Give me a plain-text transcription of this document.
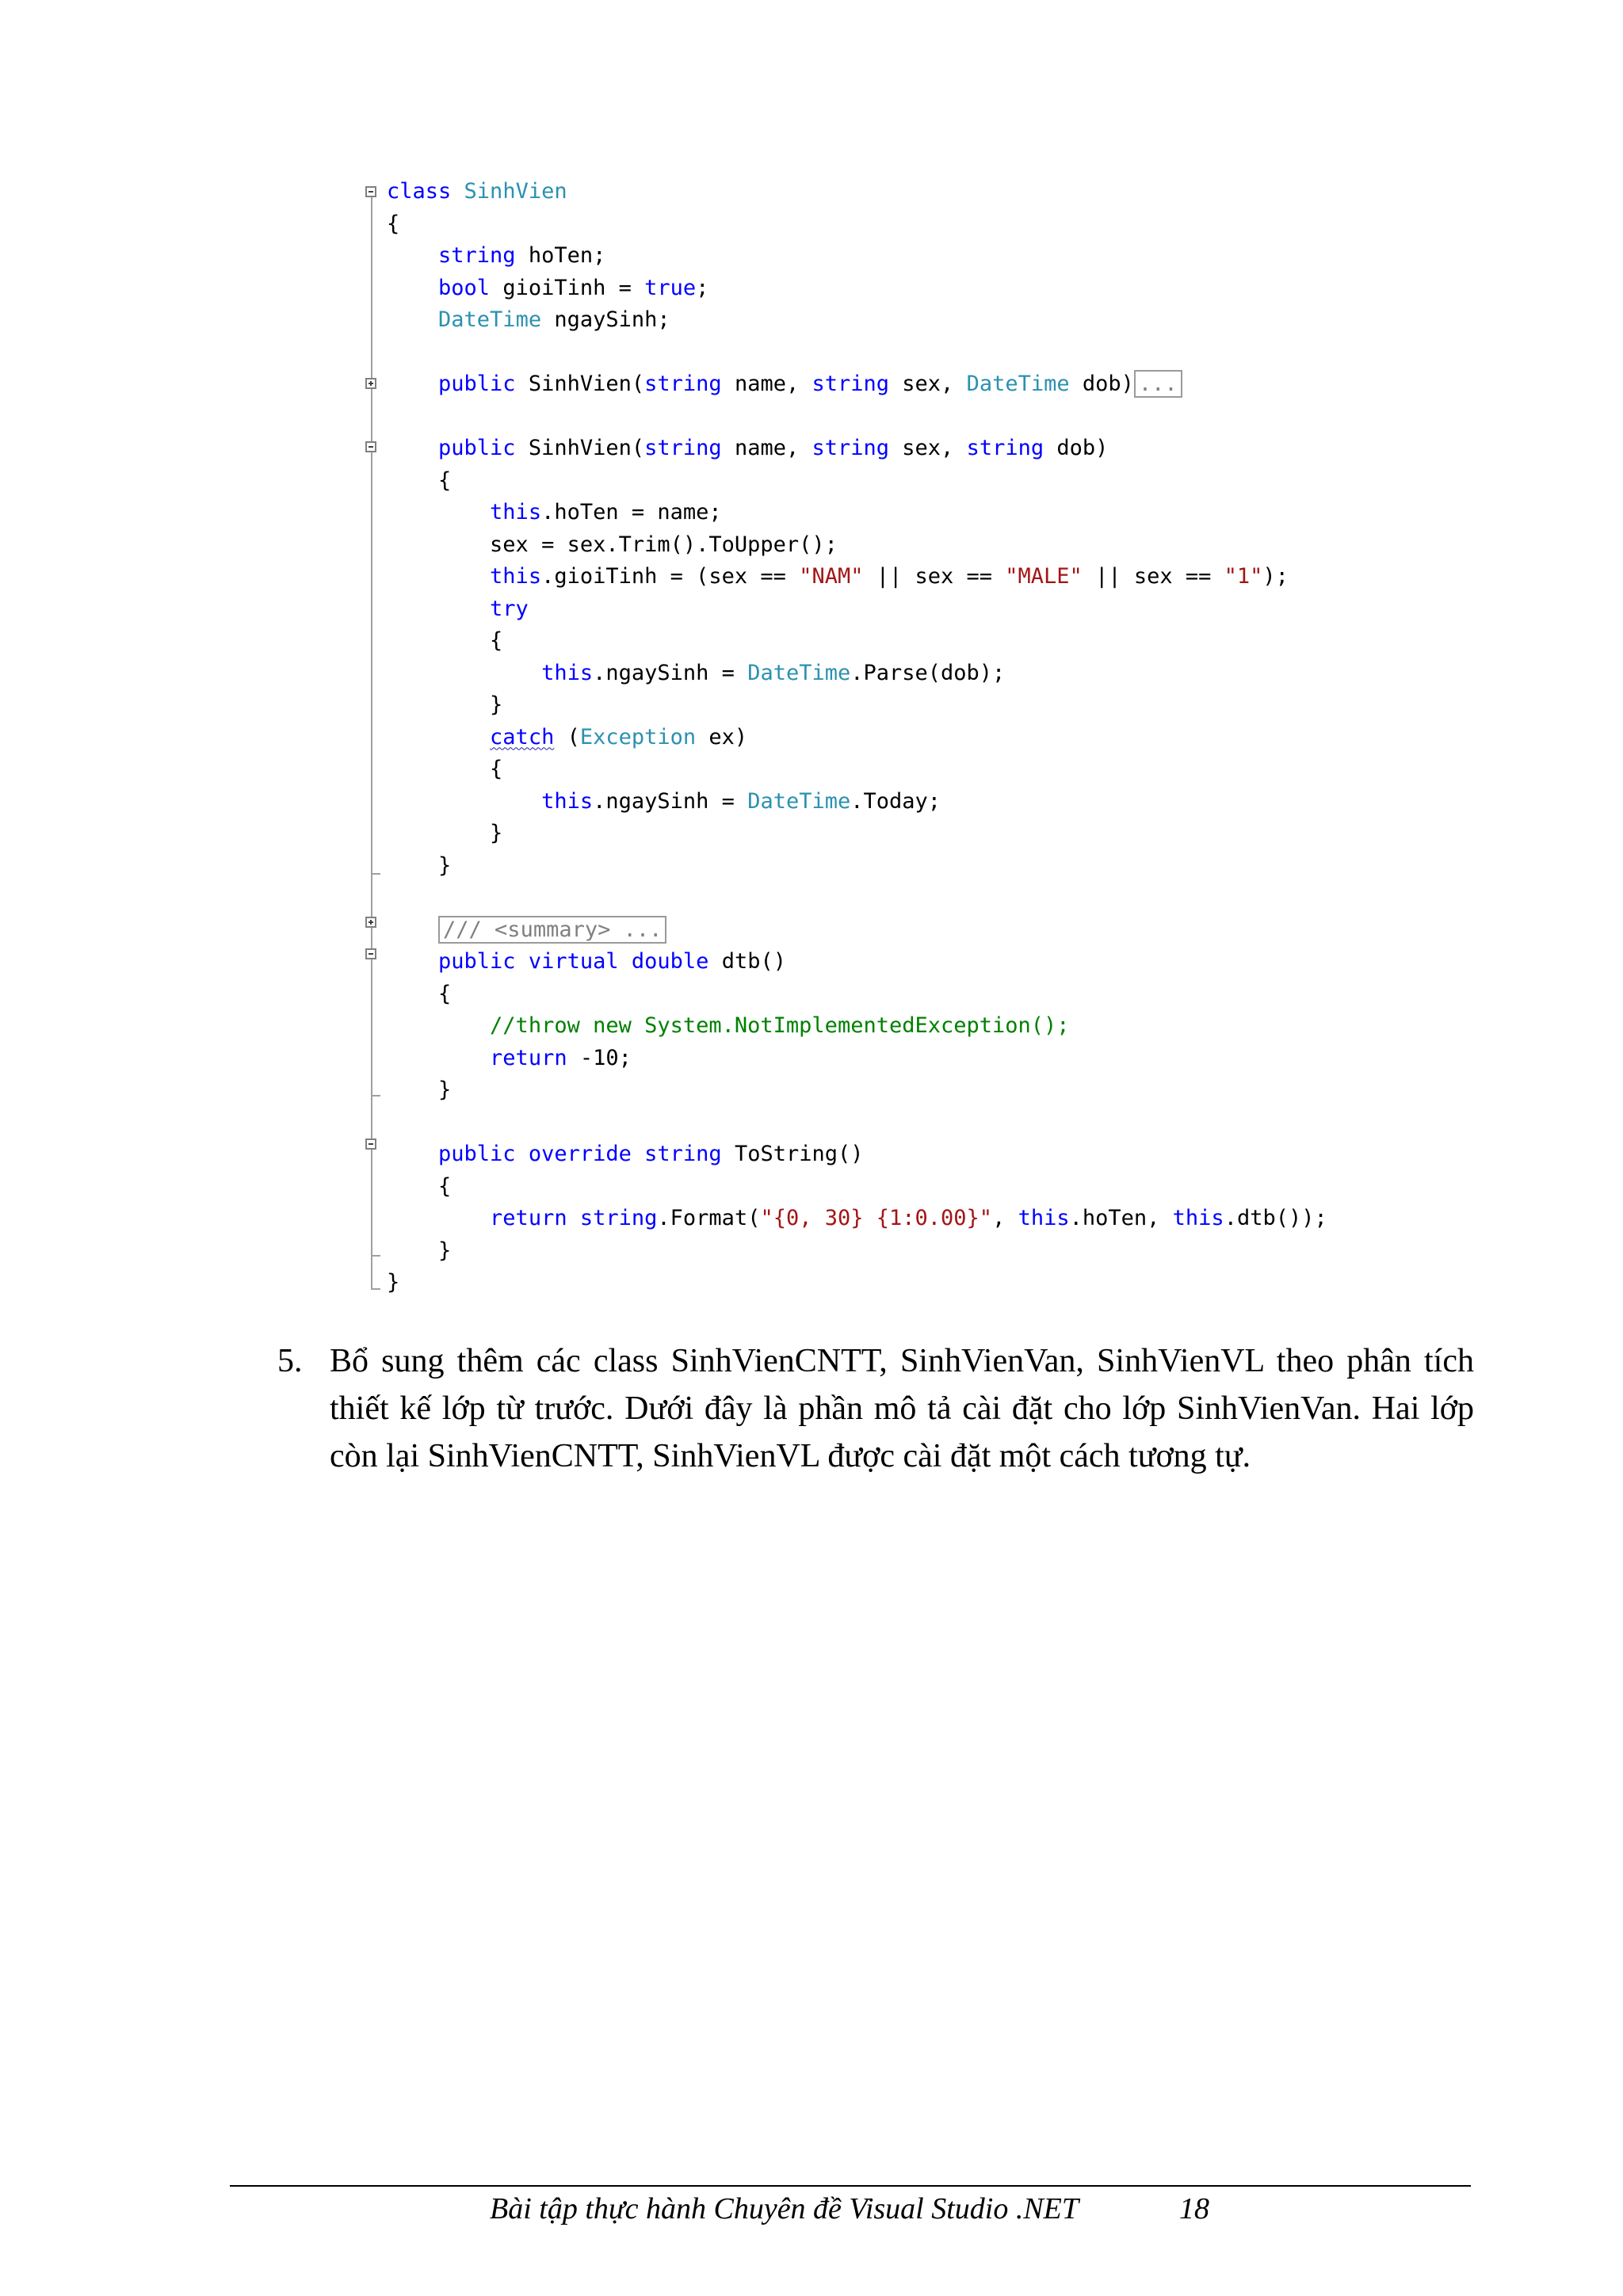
class SinhVien
{
string hoTen;
bool gioiTinh = true;
DateTime ngaySinh;
public SinhVien(string name, string sex, DateTime dob) ...
public SinhVien(string name, string sex, string dob)
{
this.hoTen = name;
sex = sex.Trim().ToUpper();
this.gioiTinh = (sex == "NAM" || sex == "MALE" || sex == "1");
try
{
this.ngaySinh = DateTime.Parse(dob);
}
catch (Exception ex)
{
this.ngaySinh = DateTime.Today;
}
}
/// <summary> ...
public virtual double dtb()
{
//throw new System.NotImplementedException();
return -10;
}
public override string ToString()
{
return string.Format("{0, 30} {1:0.00}", this.hoTen, this.dtb());
}
}
5. Bổ sung thêm các class SinhVienCNTT, SinhVienVan, SinhVienVL theo phân tích thiết kế lớp từ trước. Dưới đây là phần mô tả cài đặt cho lớp SinhVienVan. Hai lớp còn lại SinhVienCNTT, SinhVienVL được cài đặt một cách tương tự.
Bài tập thực hành Chuyên đề Visual Studio .NET	18
